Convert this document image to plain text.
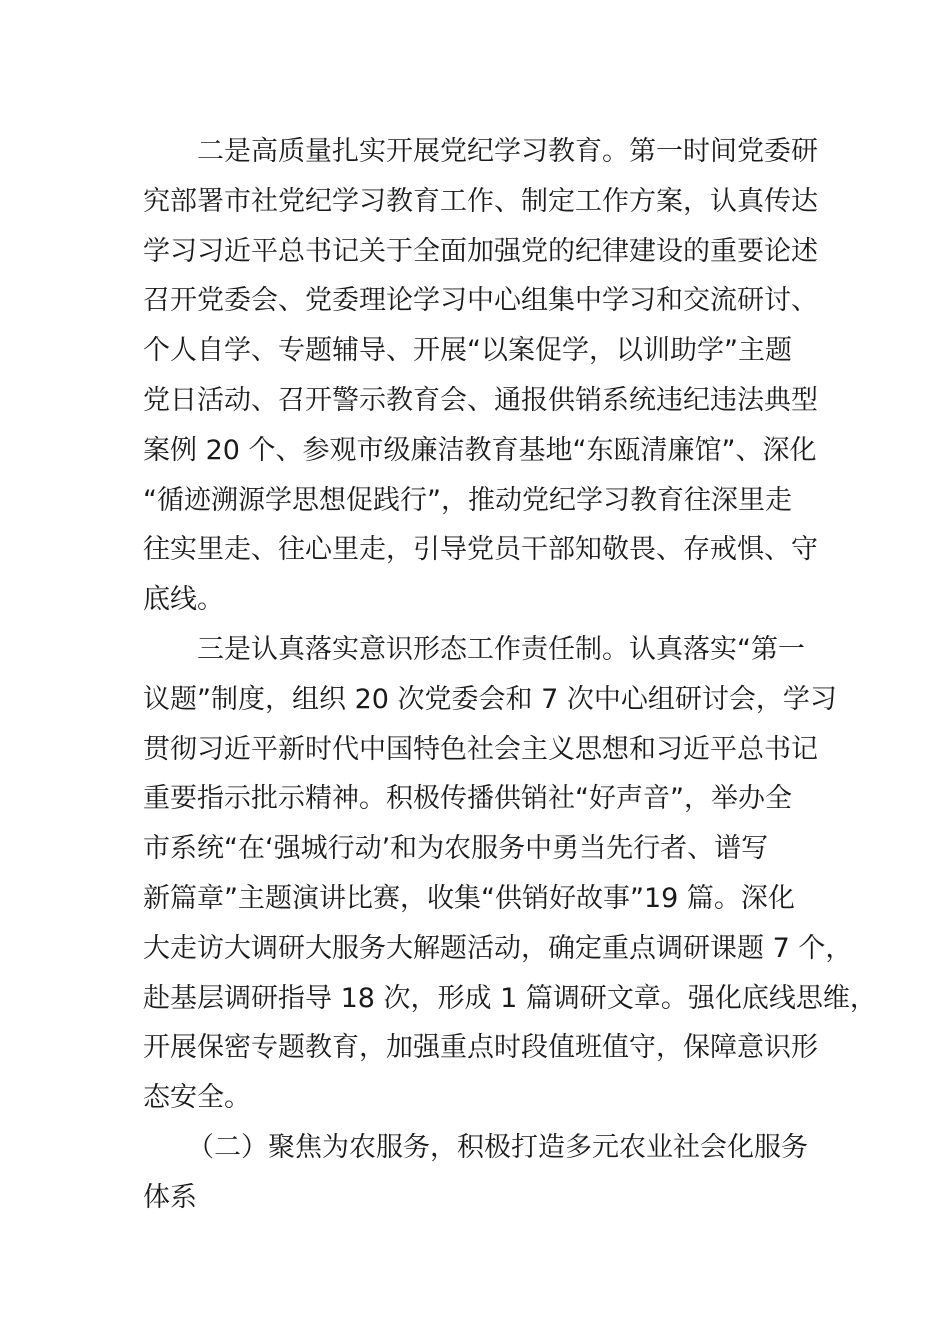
二是高质量扎实开展党纪学习教育。第一时间党委研
究部署市社党纪学习教育工作、制定工作方案，认真传达
学习习近平总书记关于全面加强党的纪律建设的重要论述
召开党委会、党委理论学习中心组集中学习和交流研讨、
个人自学、专题辅导、开展“以案促学，以训助学”主题
党日活动、召开警示教育会、通报供销系统违纪违法典型
案例 20 个、参观市级廉洁教育基地“东瓯清廉馆”、深化
“循迹溯源学思想促践行”，推动党纪学习教育往深里走
往实里走、往心里走，引导党员干部知敬畏、存戒惧、守
底线。
三是认真落实意识形态工作责任制。认真落实“第一
议题”制度，组织 20 次党委会和 7 次中心组研讨会，学习
贯彻习近平新时代中国特色社会主义思想和习近平总书记
重要指示批示精神。积极传播供销社“好声音”，举办全
市系统“在‘强城行动’和为农服务中勇当先行者、谱写
新篇章”主题演讲比赛，收集“供销好故事”19 篇。深化
大走访大调研大服务大解题活动，确定重点调研课题 7 个，
赴基层调研指导 18 次，形成 1 篇调研文章。强化底线思维，
开展保密专题教育，加强重点时段值班值守，保障意识形
态安全。
（二）聚焦为农服务，积极打造多元农业社会化服务
体系
